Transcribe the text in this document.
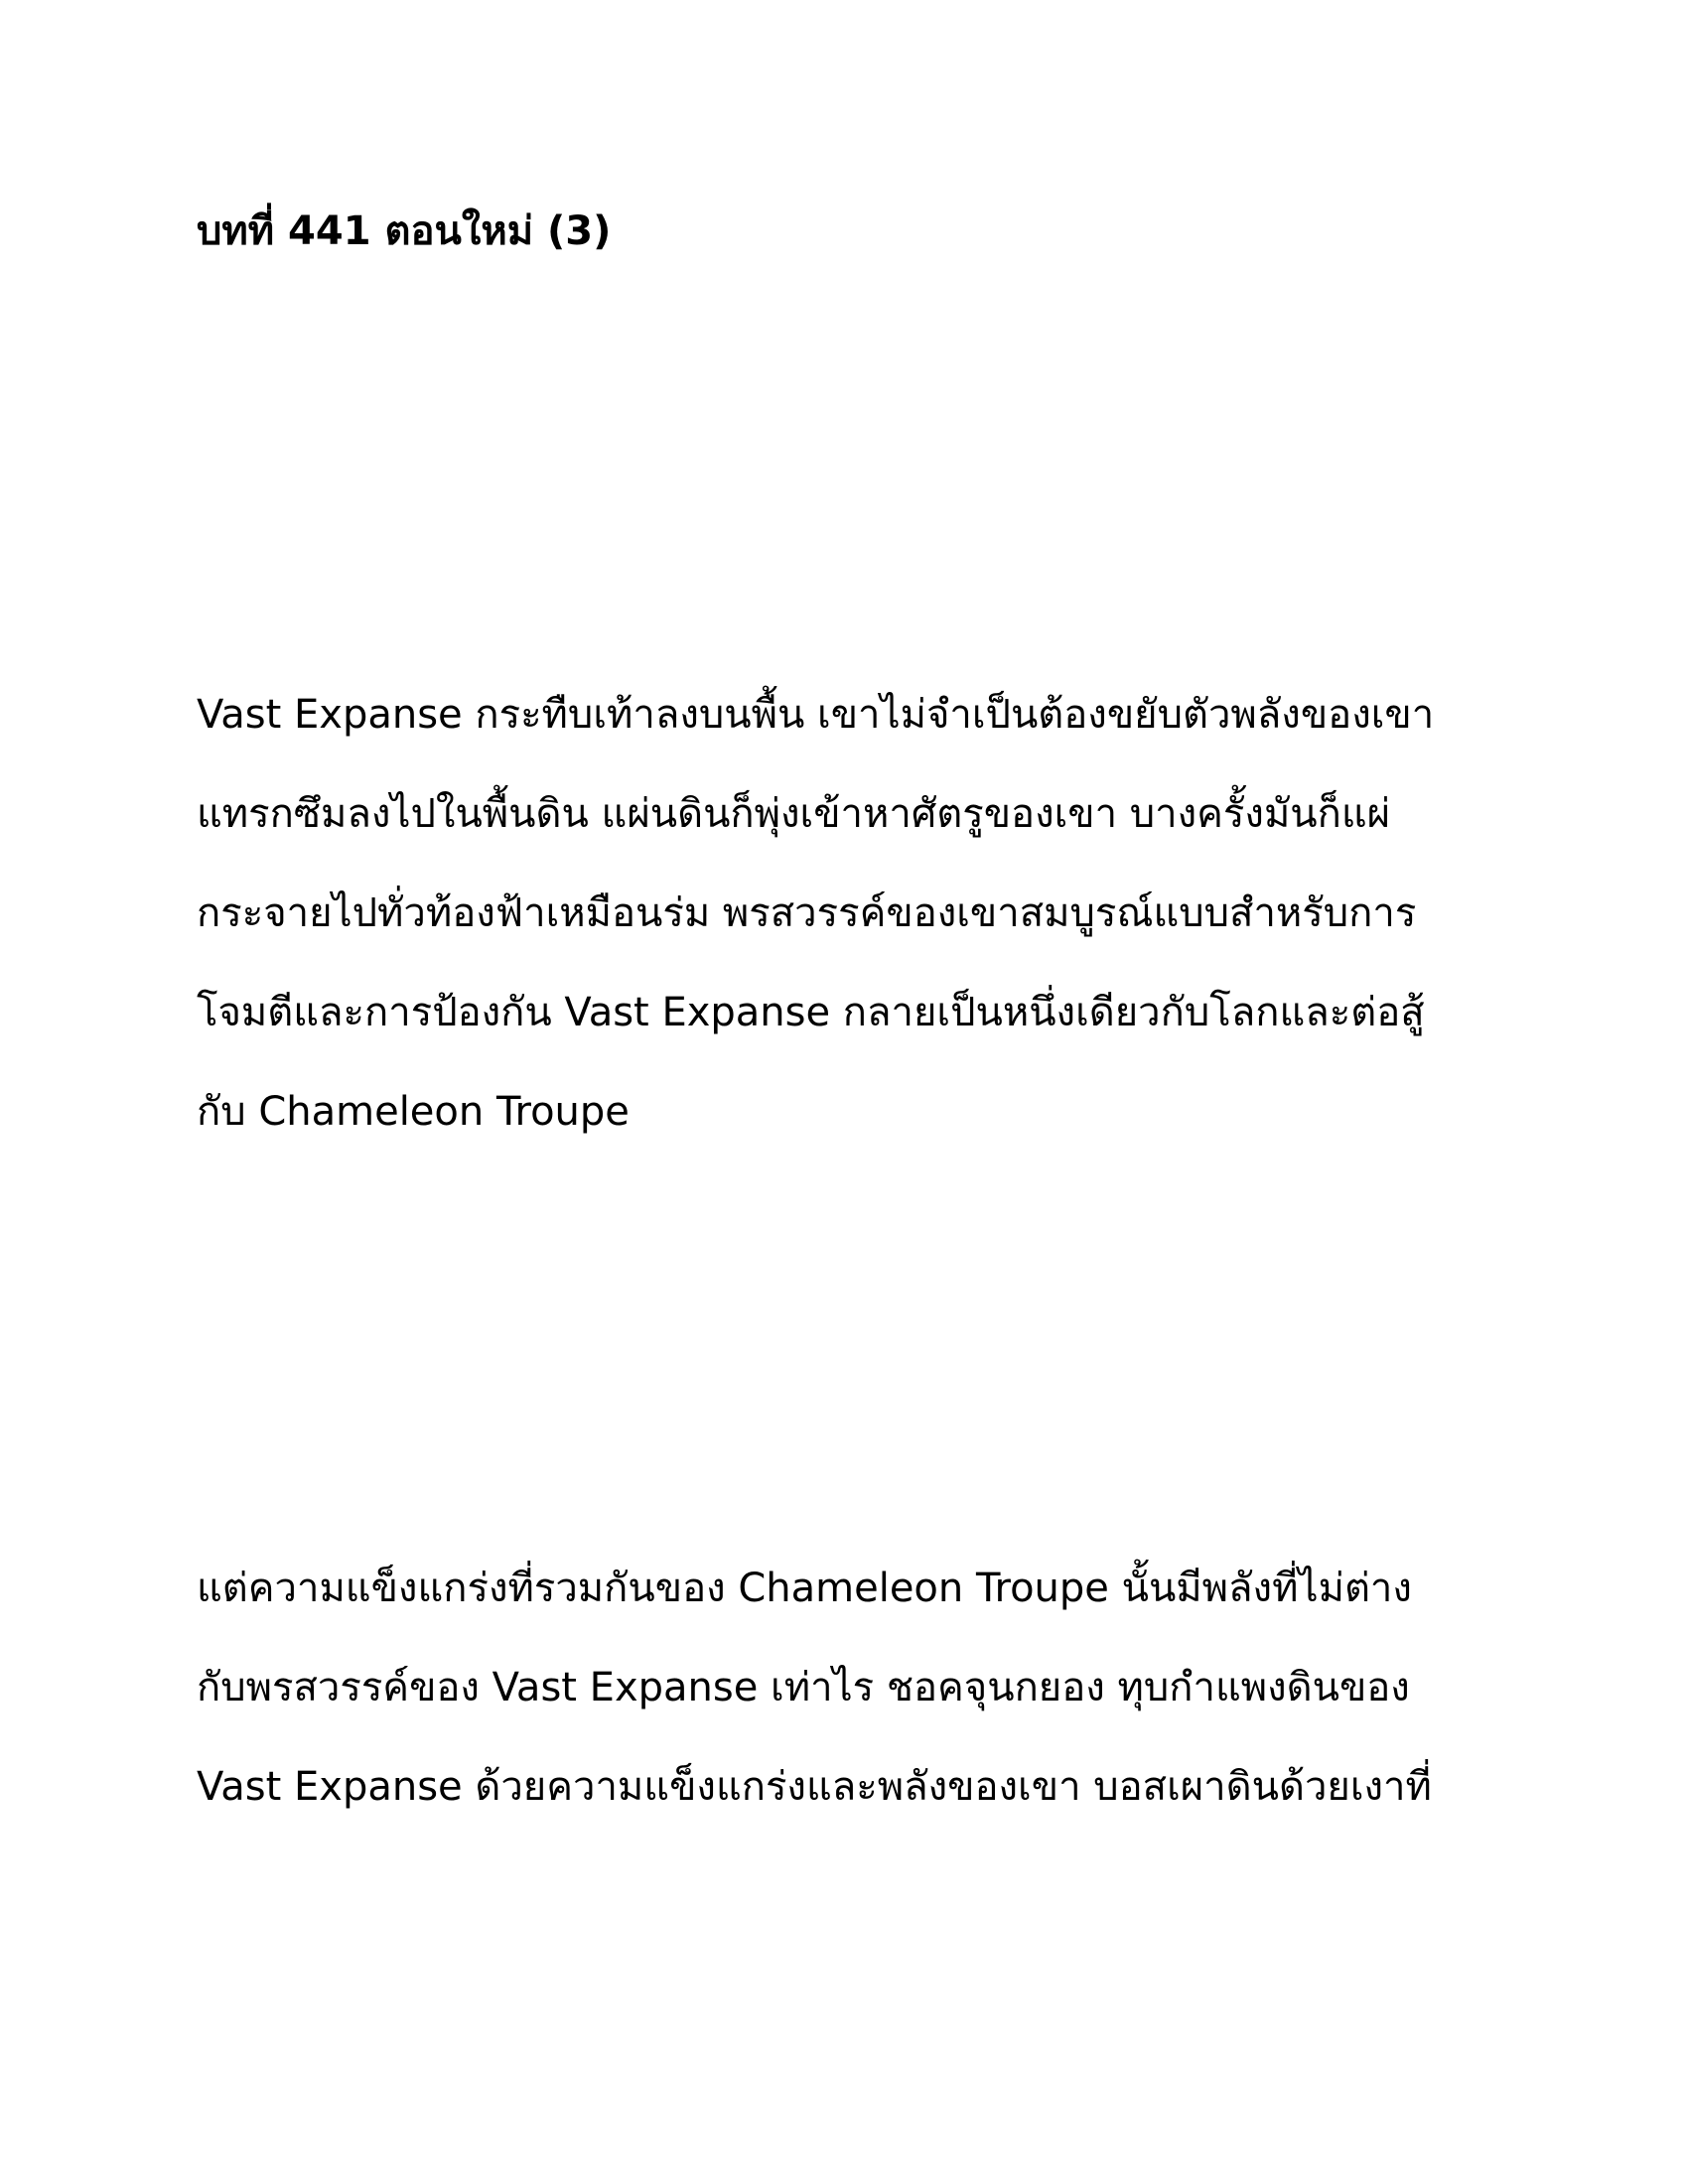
บทที่ 441 ตอนใหม่ (3)
Vast Expanse กระทืบเท้าลงบนพื้น เขาไม่จำเป็นต้องขยับตัวพลังของเขา
แทรกซึมลงไปในพื้นดิน แผ่นดินก็พุ่งเข้าหาศัตรูของเขา บางครั้งมันก็แผ่
กระจายไปทั่วท้องฟ้าเหมือนร่ม พรสวรรค์ของเขาสมบูรณ์แบบสำหรับการ
โจมตีและการป้องกัน Vast Expanse กลายเป็นหนึ่งเดียวกับโลกและต่อสู้
กับ Chameleon Troupe
แต่ความแข็งแกร่งที่รวมกันของ Chameleon Troupe นั้นมีพลังที่ไม่ต่าง
กับพรสวรรค์ของ Vast Expanse เท่าไร ชอคจุนกยอง ทุบกำแพงดินของ
Vast Expanse ด้วยความแข็งแกร่งและพลังของเขา บอสเผาดินด้วยเงาที่
